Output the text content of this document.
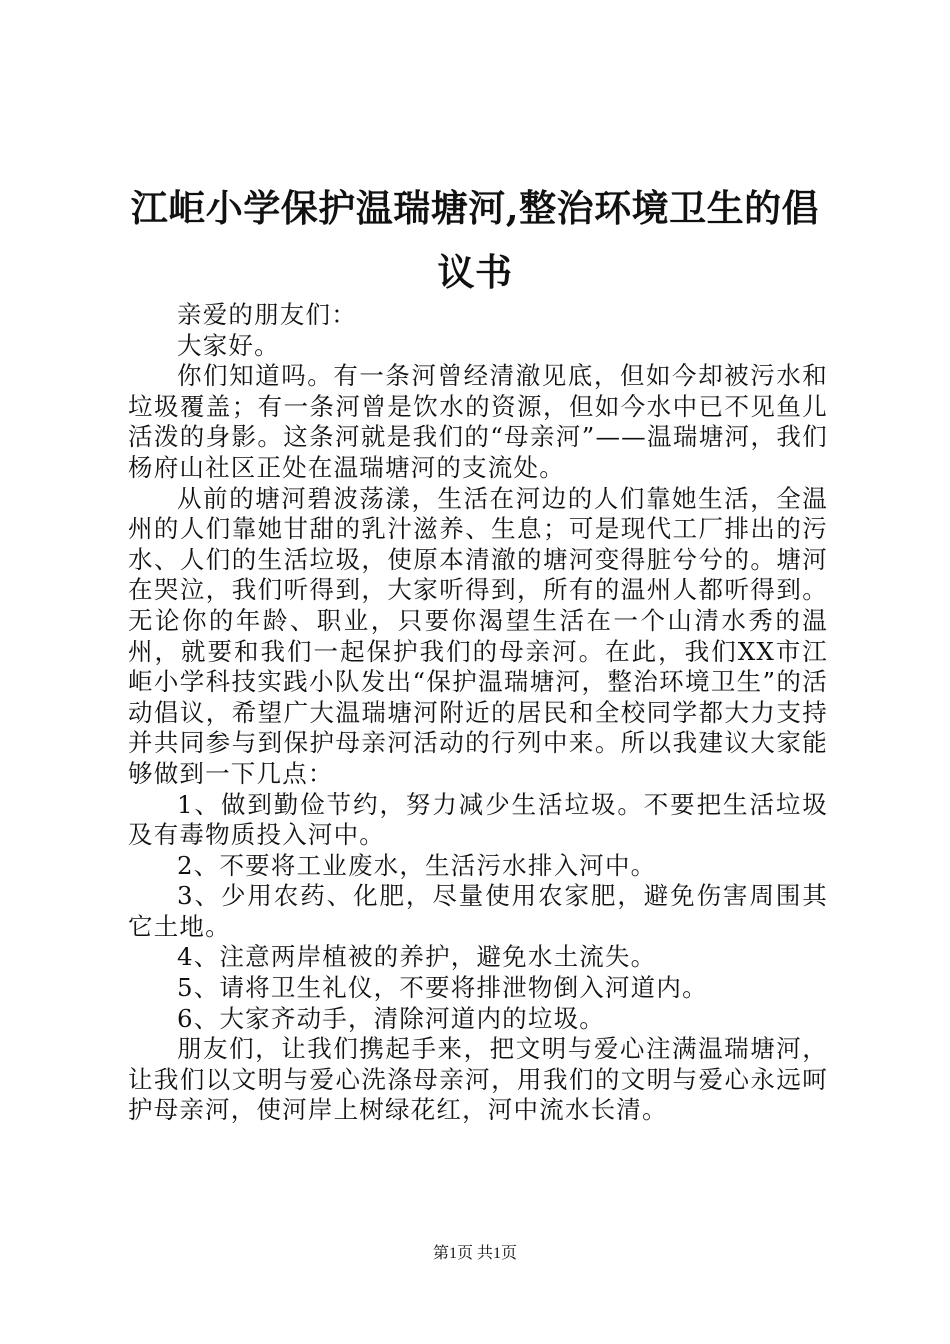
江岠小学保护温瑞塘河,整治环境卫生的倡议书

亲爱的朋友们：

大家好。

你们知道吗。有一条河曾经清澈见底，但如今却被污水和垃圾覆盖；有一条河曾是饮水的资源，但如今水中已不见鱼儿活泼的身影。这条河就是我们的“母亲河”——温瑞塘河，我们杨府山社区正处在温瑞塘河的支流处。

从前的塘河碧波荡漾，生活在河边的人们靠她生活，全温州的人们靠她甘甜的乳汁滋养、生息；可是现代工厂排出的污水、人们的生活垃圾，使原本清澈的塘河变得脏兮兮的。塘河在哭泣，我们听得到，大家听得到，所有的温州人都听得到。无论你的年龄、职业，只要你渴望生活在一个山清水秀的温州，就要和我们一起保护我们的母亲河。在此，我们XX市江岠小学科技实践小队发出“保护温瑞塘河，整治环境卫生”的活动倡议，希望广大温瑞塘河附近的居民和全校同学都大力支持并共同参与到保护母亲河活动的行列中来。所以我建议大家能够做到一下几点：

1、做到勤俭节约，努力减少生活垃圾。不要把生活垃圾及有毒物质投入河中。

2、不要将工业废水，生活污水排入河中。

3、少用农药、化肥，尽量使用农家肥，避免伤害周围其它土地。

4、注意两岸植被的养护，避免水土流失。

5、请将卫生礼仪，不要将排泄物倒入河道内。

6、大家齐动手，清除河道内的垃圾。

朋友们，让我们携起手来，把文明与爱心注满温瑞塘河，让我们以文明与爱心洗涤母亲河，用我们的文明与爱心永远呵护母亲河，使河岸上树绿花红，河中流水长清。

第1页 共1页
